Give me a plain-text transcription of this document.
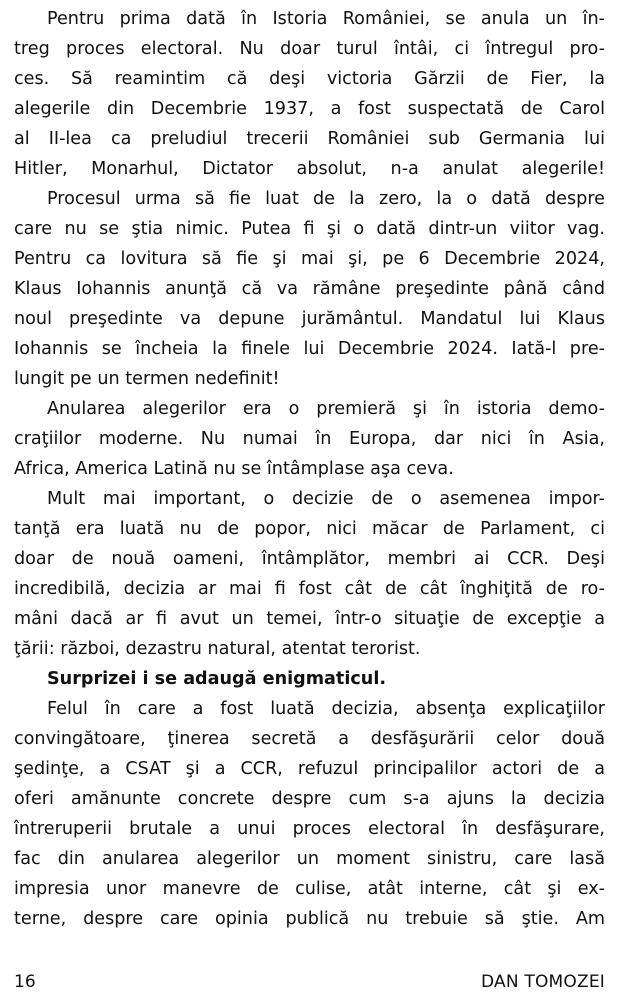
Pentru prima dată în Istoria României, se anula un în-
treg proces electoral. Nu doar turul întâi, ci întregul pro-
ces. Să reamintim că deşi victoria Gărzii de Fier, la
alegerile din Decembrie 1937, a fost suspectată de Carol
al II-lea ca preludiul trecerii României sub Germania lui
Hitler, Monarhul, Dictator absolut, n-a anulat alegerile!
Procesul urma să fie luat de la zero, la o dată despre
care nu se ştia nimic. Putea fi şi o dată dintr-un viitor vag.
Pentru ca lovitura să fie şi mai şi, pe 6 Decembrie 2024,
Klaus Iohannis anunţă că va rămâne preşedinte până când
noul preşedinte va depune jurământul. Mandatul lui Klaus
Iohannis se încheia la finele lui Decembrie 2024. Iată-l pre-
lungit pe un termen nedefinit!
Anularea alegerilor era o premieră şi în istoria demo-
craţiilor moderne. Nu numai în Europa, dar nici în Asia,
Africa, America Latină nu se întâmplase aşa ceva.
Mult mai important, o decizie de o asemenea impor-
tanţă era luată nu de popor, nici măcar de Parlament, ci
doar de nouă oameni, întâmplător, membri ai CCR. Deşi
incredibilă, decizia ar mai fi fost cât de cât înghiţită de ro-
mâni dacă ar fi avut un temei, într-o situaţie de excepţie a
ţării: război, dezastru natural, atentat terorist.
Surprizei i se adaugă enigmaticul.
Felul în care a fost luată decizia, absenţa explicaţiilor
convingătoare, ţinerea secretă a desfăşurării celor două
şedinţe, a CSAT şi a CCR, refuzul principalilor actori de a
oferi amănunte concrete despre cum s-a ajuns la decizia
întreruperii brutale a unui proces electoral în desfăşurare,
fac din anularea alegerilor un moment sinistru, care lasă
impresia unor manevre de culise, atât interne, cât şi ex-
terne, despre care opinia publică nu trebuie să ştie. Am
16	DAN TOMOZEI
